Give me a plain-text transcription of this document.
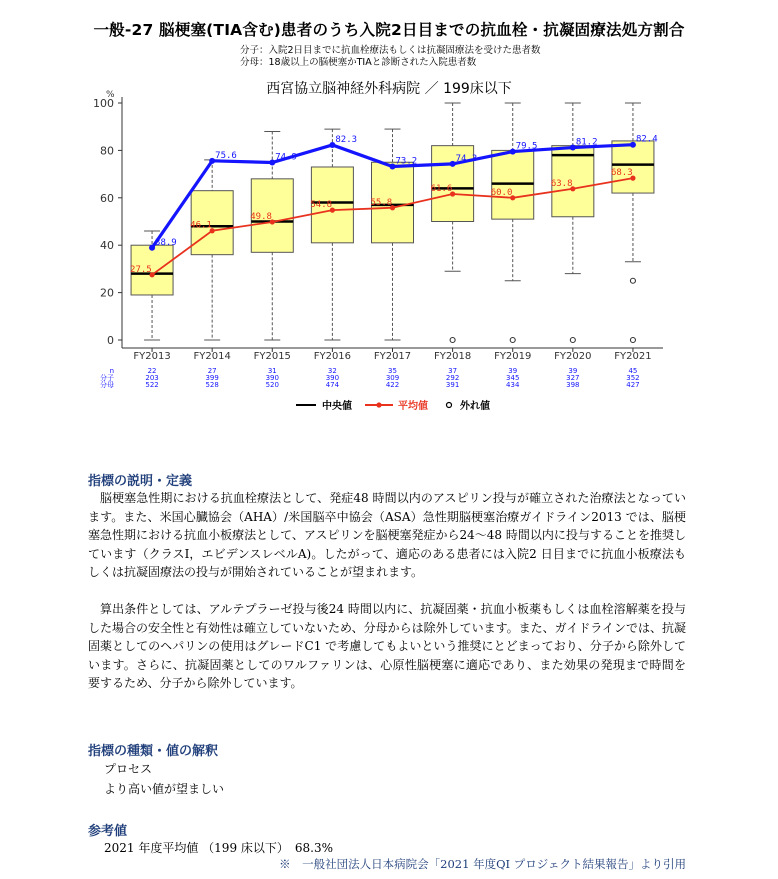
一般-27 脳梗塞(TIA含む)患者のうち入院2日目までの抗血栓・抗凝固療法処方割合
分子：入院2日目までに抗血栓療法もしくは抗凝固療法を受けた患者数
分母：18歳以上の脳梗塞かTIAと診断された入院患者数
西宮協立脳神経外科病院 ／ 199床以下
%
0
20
40
60
80
100
FY2013 FY2014 FY2015 FY2016 FY2017 FY2018 FY2019 FY2020 FY2021
27.5
46.1
49.8
54.8	55.8
61.6	60.0
63.8
68.3
38.9
75.6	74.9
82.3
73.2	74.3
79.5	81.2	82.4
n
分子
分母
22	27	31	32	35	37	39	39	45
203	399	390	390	309	292	345	327	352
522	528	520	474	422	391	434	398	427
中央値	平均値	外れ値
指標の説明・定義
脳梗塞急性期における抗血栓療法として、発症48 時間以内のアスピリン投与が確立された治療法となっています。また、米国心臓協会（AHA）/米国脳卒中協会（ASA）急性期脳梗塞治療ガイドライン2013 では、脳梗塞急性期における抗血小板療法として、アスピリンを脳梗塞発症から24～48 時間以内に投与することを推奨しています（クラスI，エビデンスレベルA)。したがって、適応のある患者には入院2 日目までに抗血小板療法もしくは抗凝固療法の投与が開始されていることが望まれます。
算出条件としては、アルテプラーゼ投与後24 時間以内に、抗凝固薬・抗血小板薬もしくは血栓溶解薬を投与した場合の安全性と有効性は確立していないため、分母からは除外しています。また、ガイドラインでは、抗凝固薬としてのヘパリンの使用はグレードC1 で考慮してもよいという推奨にとどまっており、分子から除外しています。さらに、抗凝固薬としてのワルファリンは、心原性脳梗塞に適応であり、また効果の発現まで時間を要するため、分子から除外しています。
指標の種類・値の解釈
プロセス
より高い値が望ましい
参考値
2021 年度平均値 （199 床以下）　68.3%
※　一般社団法人日本病院会「2021 年度QI プロジェクト結果報告」より引用
